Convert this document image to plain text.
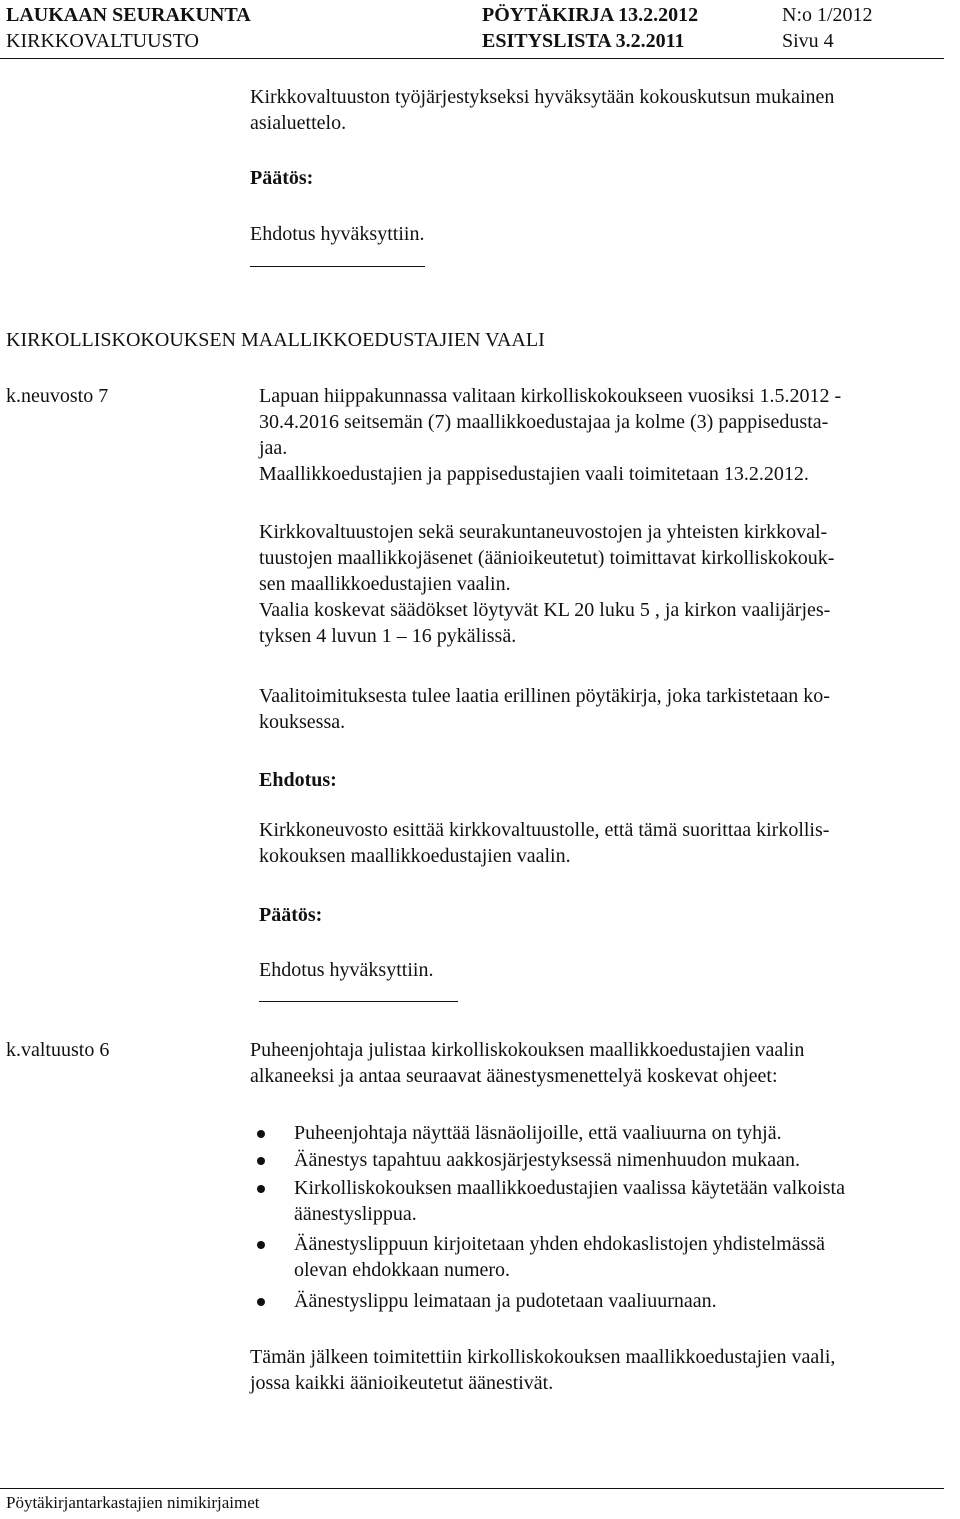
LAUKAAN SEURAKUNTA
KIRKKOVALTUUSTO
PÖYTÄKIRJA 13.2.2012
ESITYSLISTA 3.2.2011
N:o 1/2012
Sivu 4
Kirkkovaltuuston työjärjestykseksi hyväksytään kokouskutsun mukainen
asialuettelo.
Päätös:
Ehdotus hyväksyttiin.
KIRKOLLISKOKOUKSEN MAALLIKKOEDUSTAJIEN VAALI
k.neuvosto 7	Lapuan hiippakunnassa valitaan kirkolliskokoukseen vuosiksi 1.5.2012 -
30.4.2016 seitsemän (7) maallikkoedustajaa ja kolme (3) pappisedusta-
jaa.
Maallikkoedustajien ja pappisedustajien vaali toimitetaan 13.2.2012.
Kirkkovaltuustojen sekä seurakuntaneuvostojen ja yhteisten kirkkoval-
tuustojen maallikkojäsenet (äänioikeutetut) toimittavat kirkolliskokouk-
sen maallikkoedustajien vaalin.
Vaalia koskevat säädökset löytyvät KL 20 luku 5 , ja kirkon vaalijärjes-
tyksen 4 luvun 1 – 16 pykälissä.
Vaalitoimituksesta tulee laatia erillinen pöytäkirja, joka tarkistetaan ko-
kouksessa.
Ehdotus:
Kirkkoneuvosto esittää kirkkovaltuustolle, että tämä suorittaa kirkollis-
kokouksen maallikkoedustajien vaalin.
Päätös:
Ehdotus hyväksyttiin.
k.valtuusto 6	Puheenjohtaja julistaa kirkolliskokouksen maallikkoedustajien vaalin
alkaneeksi ja antaa seuraavat äänestysmenettelyä koskevat ohjeet:
Puheenjohtaja näyttää läsnäolijoille, että vaaliuurna on tyhjä.
Äänestys tapahtuu aakkosjärjestyksessä nimenhuudon mukaan.
Kirkolliskokouksen maallikkoedustajien vaalissa käytetään valkoista
äänestyslippua.
Äänestyslippuun kirjoitetaan yhden ehdokaslistojen yhdistelmässä
olevan ehdokkaan numero.
Äänestyslippu leimataan ja pudotetaan vaaliuurnaan.
Tämän jälkeen toimitettiin kirkolliskokouksen maallikkoedustajien vaali,
jossa kaikki äänioikeutetut äänestivät.
Pöytäkirjantarkastajien nimikirjaimet
